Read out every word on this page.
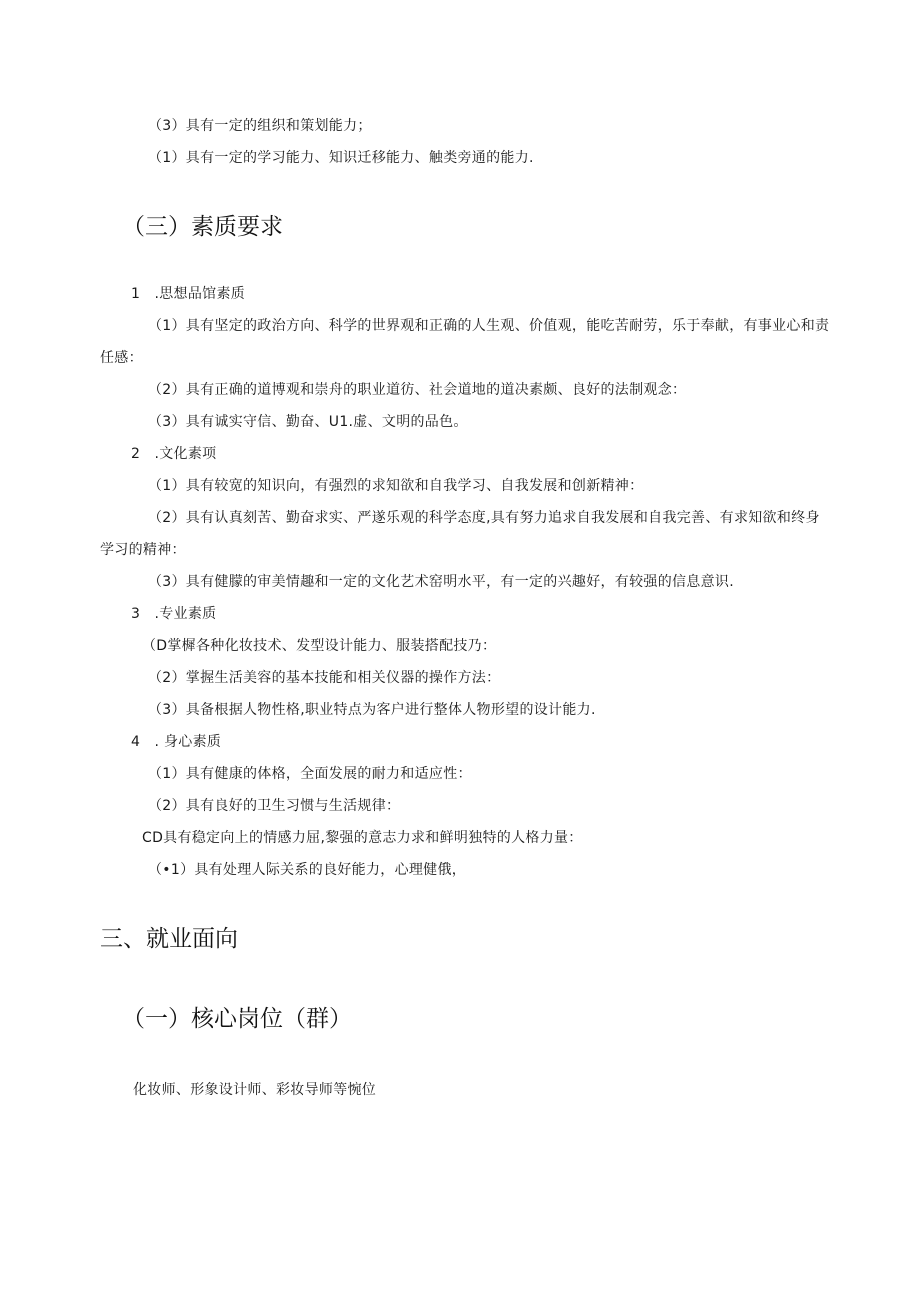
（3）具有一定的组织和策划能力；
（1）具有一定的学习能力、知识迁移能力、触类旁通的能力.
（三）素质要求
1　.思想品馆素质
（1）具有坚定的政治方向、科学的世界观和正确的人生观、价值观，能吃苦耐劳，乐于奉献，有事业心和责
任感：
（2）具有正确的道博观和崇舟的职业道彷、社会道地的道决素颇、良好的法制观念：
（3）具有诚实守信、勤奋、U1.虚、文明的品色。
2　.文化素项
（1）具有较宽的知识向，有强烈的求知欲和自我学习、自我发展和创新精神：
（2）具有认真刻苦、勤奋求实、严遂乐观的科学态度,具有努力追求自我发展和自我完善、有求知欲和终身
学习的精神：
（3）具有健朦的审美情趣和一定的文化艺术窑明水平，有一定的兴趣好，有较强的信息意识.
3　.专业素质
（D掌樨各种化妆技术、发型设计能力、服装搭配技乃：
（2）掌握生活美容的基本技能和相关仪器的操作方法：
（3）具备根据人物性格,职业特点为客户进行整体人物形望的设计能力.
4　. 身心素质
（1）具有健康的体格，全面发展的耐力和适应性：
（2）具有良好的卫生习惯与生活规律：
CD具有稳定向上的情感力屈,黎强的意志力求和鲜明独特的人格力量：
（•1）具有处理人际关系的良好能力，心理健俄，
三、就业面向
（一）核心岗位（群）
化妆师、形象设计师、彩妆导师等惋位
